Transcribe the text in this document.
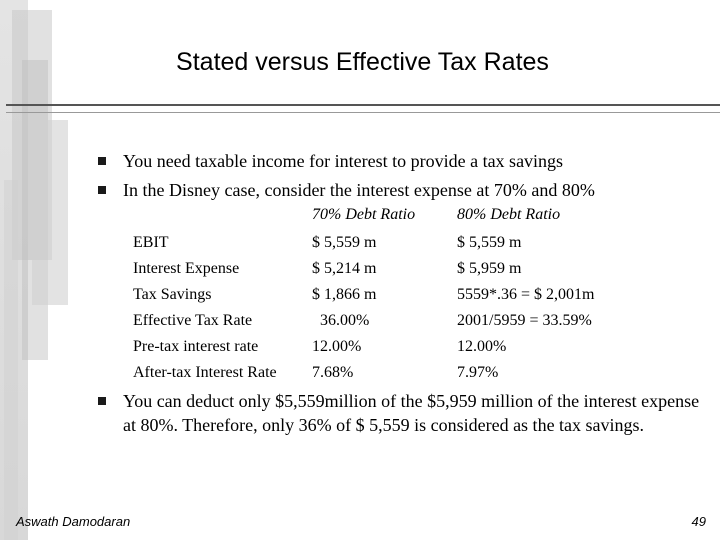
Stated versus Effective Tax Rates
You need taxable income for interest to provide a tax savings
In the Disney case, consider the interest expense at 70% and 80%
70% Debt Ratio	80% Debt Ratio
EBIT
Interest Expense
Tax Savings
Effective Tax Rate
Pre-tax interest rate
After-tax Interest Rate
$ 5,559 m
$ 5,214 m
$ 1,866 m
36.00%
12.00%
7.68%
$ 5,559 m
$ 5,959 m
5559*.36 = $ 2,001m
2001/5959 = 33.59%
12.00%
7.97%
You can deduct only $5,559million of the $5,959 million of the interest expense at 80%. Therefore, only 36% of $ 5,559 is considered as the tax savings.
Aswath Damodaran	49
